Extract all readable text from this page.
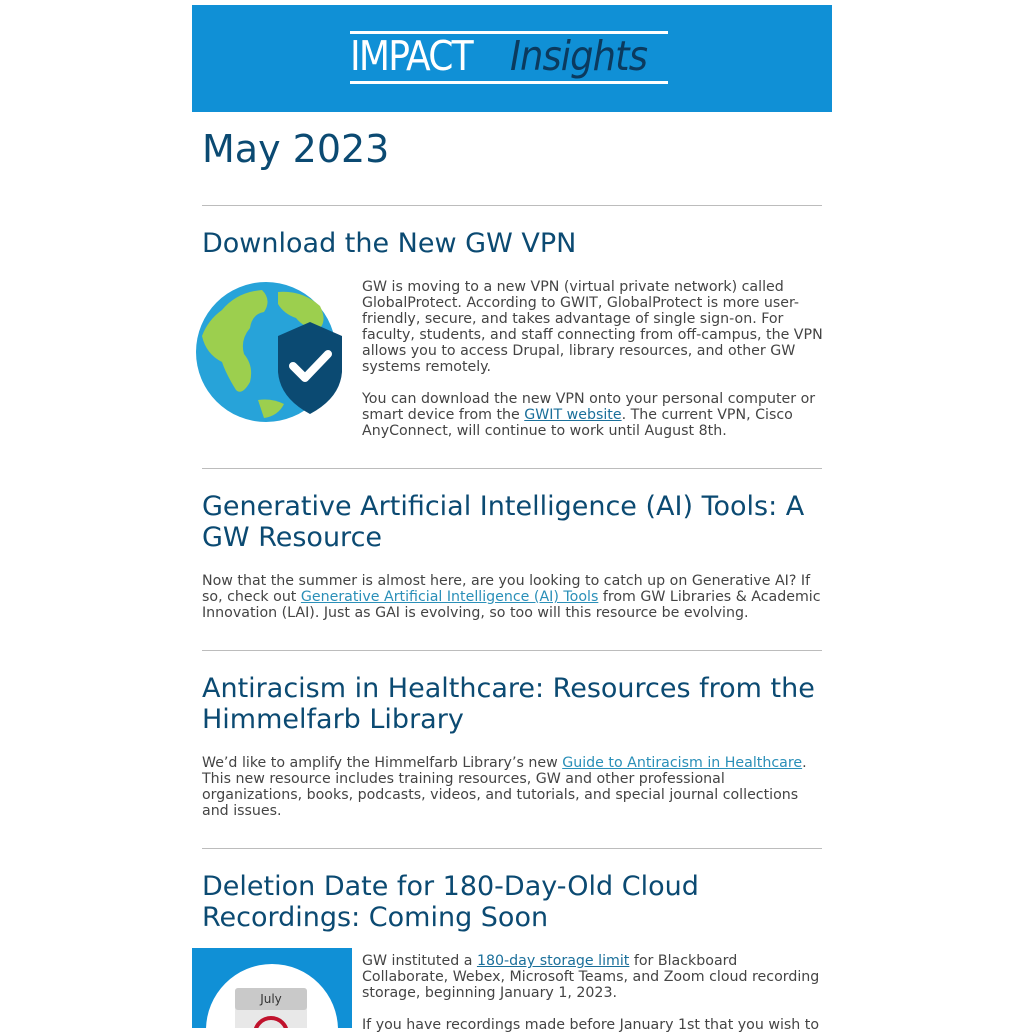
IMPACT Insights
May 2023
Download the New GW VPN

GW is moving to a new VPN (virtual private network) called GlobalProtect. According to GWIT, GlobalProtect is more user-friendly, secure, and takes advantage of single sign-on. For faculty, students, and staff connecting from off-campus, the VPN allows you to access Drupal, library resources, and other GW systems remotely.

You can download the new VPN onto your personal computer or smart device from the GWIT website. The current VPN, Cisco AnyConnect, will continue to work until August 8th.

Generative Artificial Intelligence (AI) Tools: A GW Resource

Now that the summer is almost here, are you looking to catch up on Generative AI? If so, check out Generative Artificial Intelligence (AI) Tools from GW Libraries & Academic Innovation (LAI). Just as GAI is evolving, so too will this resource be evolving.

Antiracism in Healthcare: Resources from the Himmelfarb Library

We’d like to amplify the Himmelfarb Library’s new Guide to Antiracism in Healthcare. This new resource includes training resources, GW and other professional organizations, books, podcasts, videos, and tutorials, and special journal collections and issues.

Deletion Date for 180-Day-Old Cloud Recordings: Coming Soon
July

GW instituted a 180-day storage limit for Blackboard Collaborate, Webex, Microsoft Teams, and Zoom cloud recording storage, beginning January 1, 2023.

If you have recordings made before January 1st that you wish to
